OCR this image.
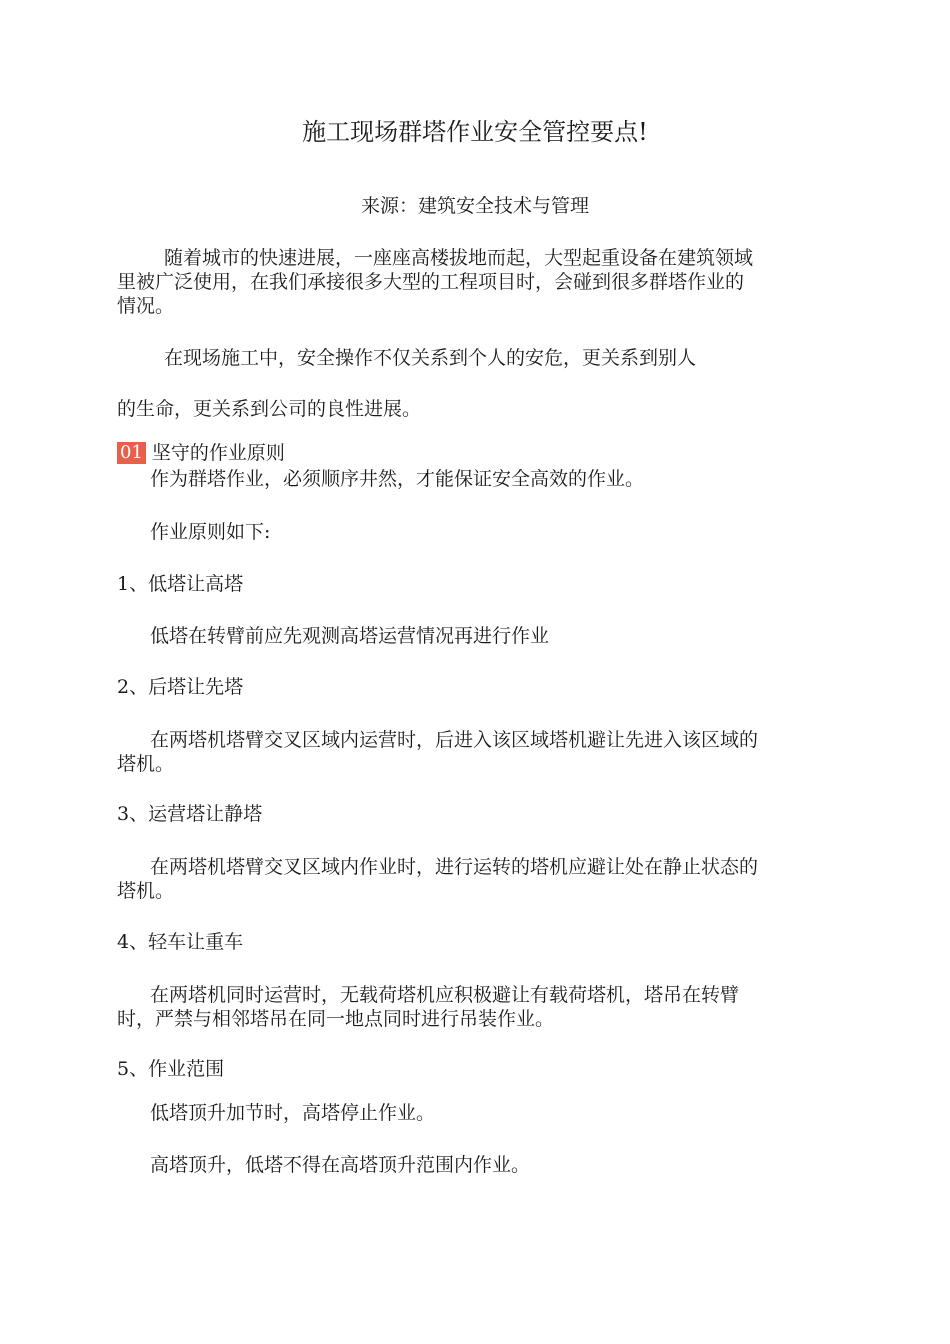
施工现场群塔作业安全管控要点!
来源：建筑安全技术与管理
随着城市的快速进展，一座座高楼拔地而起，大型起重设备在建筑领域
里被广泛使用，在我们承接很多大型的工程项目时，会碰到很多群塔作业的
情况。
在现场施工中，安全操作不仅关系到个人的安危，更关系到别人
的生命，更关系到公司的良性进展。
01 坚守的作业原则
作为群塔作业，必须顺序井然，才能保证安全高效的作业。
作业原则如下:
1、低塔让高塔
低塔在转臂前应先观测高塔运营情况再进行作业
2、后塔让先塔
在两塔机塔臂交叉区域内运营时，后进入该区域塔机避让先进入该区域的
塔机。
3、运营塔让静塔
在两塔机塔臂交叉区域内作业时，进行运转的塔机应避让处在静止状态的
塔机。
4、轻车让重车
在两塔机同时运营时，无载荷塔机应积极避让有载荷塔机，塔吊在转臂
时，严禁与相邻塔吊在同一地点同时进行吊装作业。
5、作业范围
低塔顶升加节时，高塔停止作业。
高塔顶升，低塔不得在高塔顶升范围内作业。
